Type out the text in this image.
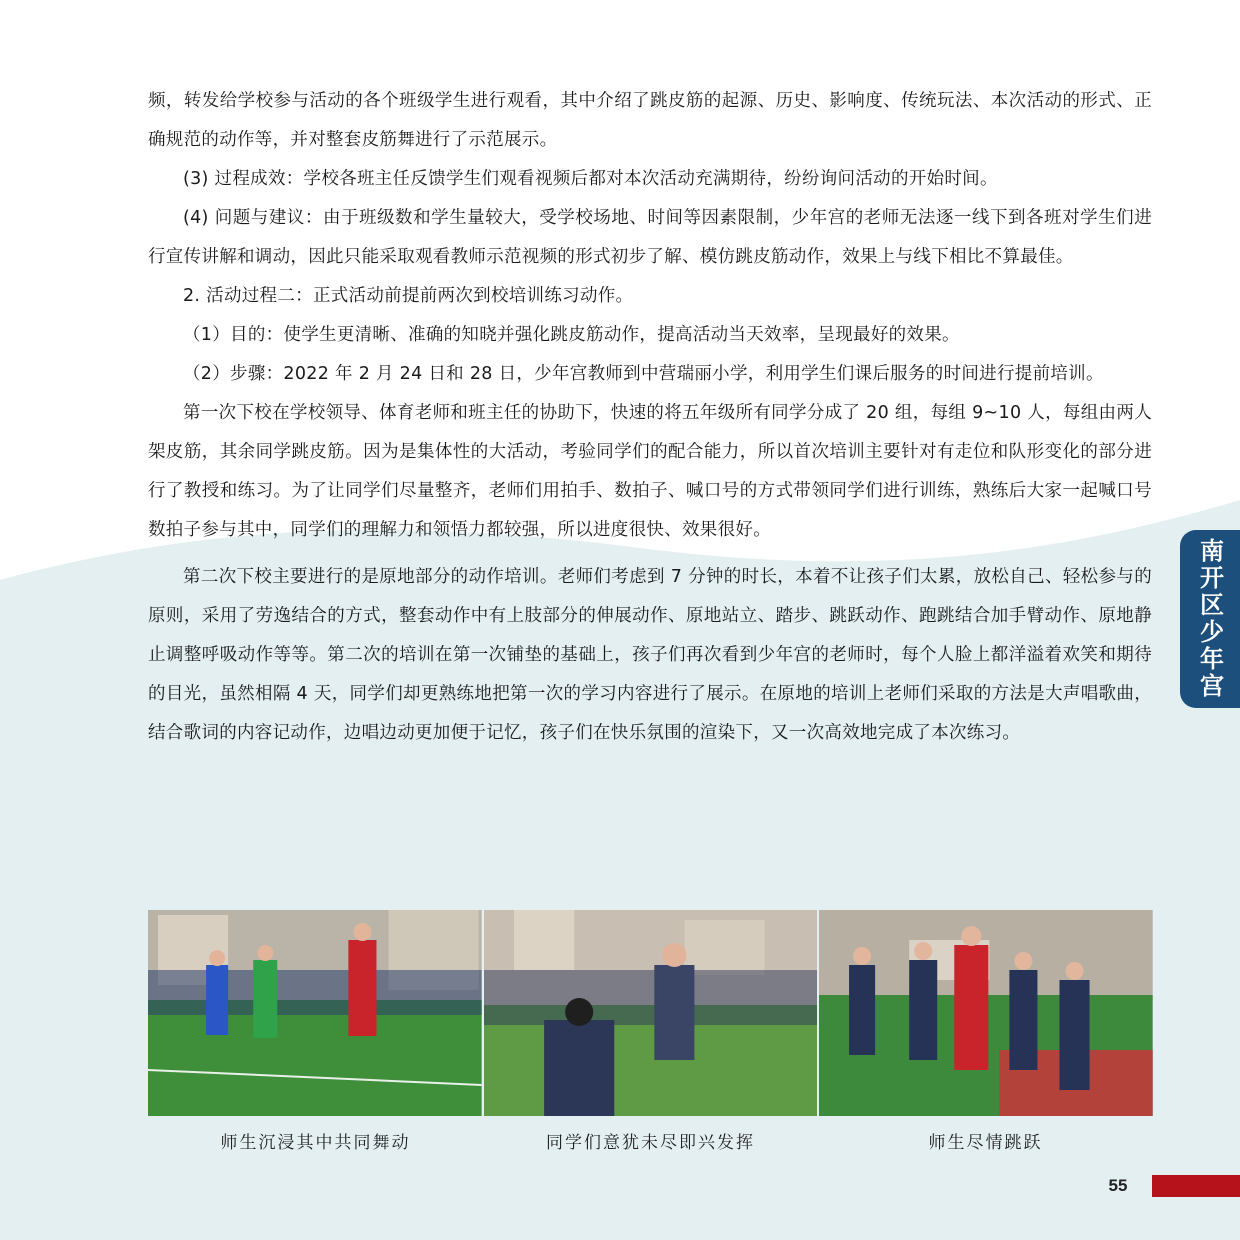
频，转发给学校参与活动的各个班级学生进行观看，其中介绍了跳皮筋的起源、历史、影响度、传统玩法、本次活动的形式、正确规范的动作等，并对整套皮筋舞进行了示范展示。

(3) 过程成效：学校各班主任反馈学生们观看视频后都对本次活动充满期待，纷纷询问活动的开始时间。

(4) 问题与建议：由于班级数和学生量较大，受学校场地、时间等因素限制，少年宫的老师无法逐一线下到各班对学生们进行宣传讲解和调动，因此只能采取观看教师示范视频的形式初步了解、模仿跳皮筋动作，效果上与线下相比不算最佳。

2. 活动过程二：正式活动前提前两次到校培训练习动作。

（1）目的：使学生更清晰、准确的知晓并强化跳皮筋动作，提高活动当天效率，呈现最好的效果。

（2）步骤：2022 年 2 月 24 日和 28 日，少年宫教师到中营瑞丽小学，利用学生们课后服务的时间进行提前培训。

第一次下校在学校领导、体育老师和班主任的协助下，快速的将五年级所有同学分成了 20 组，每组 9~10 人，每组由两人架皮筋，其余同学跳皮筋。因为是集体性的大活动，考验同学们的配合能力，所以首次培训主要针对有走位和队形变化的部分进行了教授和练习。为了让同学们尽量整齐，老师们用拍手、数拍子、喊口号的方式带领同学们进行训练，熟练后大家一起喊口号数拍子参与其中，同学们的理解力和领悟力都较强，所以进度很快、效果很好。

第二次下校主要进行的是原地部分的动作培训。老师们考虑到 7 分钟的时长，本着不让孩子们太累，放松自己、轻松参与的原则，采用了劳逸结合的方式，整套动作中有上肢部分的伸展动作、原地站立、踏步、跳跃动作、跑跳结合加手臂动作、原地静止调整呼吸动作等等。第二次的培训在第一次铺垫的基础上，孩子们再次看到少年宫的老师时，每个人脸上都洋溢着欢笑和期待的目光，虽然相隔 4 天，同学们却更熟练地把第一次的学习内容进行了展示。在原地的培训上老师们采取的方法是大声唱歌曲，结合歌词的内容记动作，边唱边动更加便于记忆，孩子们在快乐氛围的渲染下，又一次高效地完成了本次练习。

南开区少年宫
师生沉浸其中共同舞动	同学们意犹未尽即兴发挥	师生尽情跳跃
55
